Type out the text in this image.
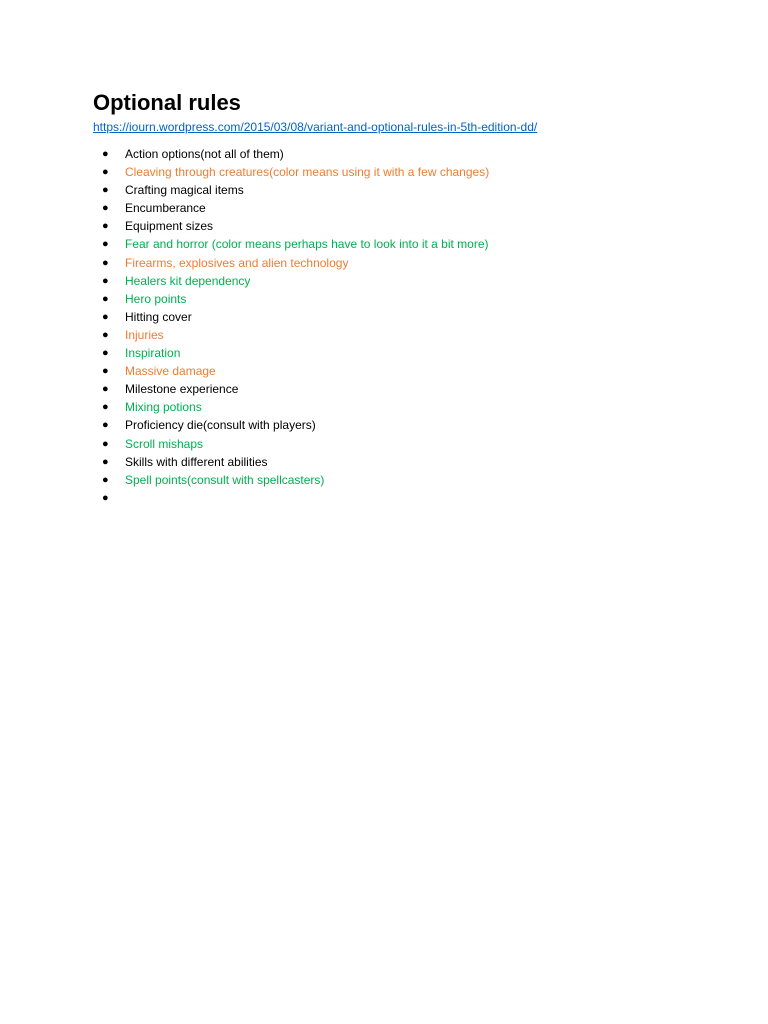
Optional rules
https://iourn.wordpress.com/2015/03/08/variant-and-optional-rules-in-5th-edition-dd/
● Action options(not all of them)
● Cleaving through creatures(color means using it with a few changes)
● Crafting magical items
● Encumberance
● Equipment sizes
● Fear and horror (color means perhaps have to look into it a bit more)
● Firearms, explosives and alien technology
● Healers kit dependency
● Hero points
● Hitting cover
● Injuries
● Inspiration
● Massive damage
● Milestone experience
● Mixing potions
● Proficiency die(consult with players)
● Scroll mishaps
● Skills with different abilities
● Spell points(consult with spellcasters)
●
